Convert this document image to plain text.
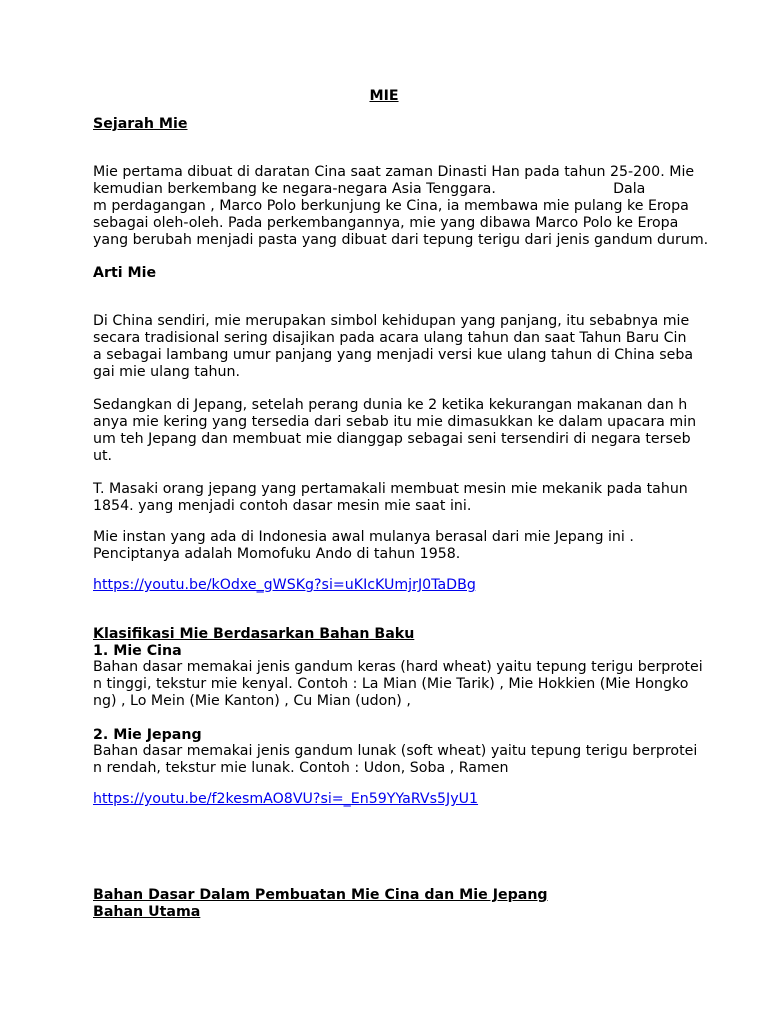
MIE

Sejarah Mie

Mie pertama dibuat di daratan Cina saat zaman Dinasti Han pada tahun 25-200. Mie

kemudian berkembang ke negara-negara Asia Tenggara.                          Dala

m perdagangan , Marco Polo berkunjung ke Cina, ia membawa mie pulang ke Eropa

sebagai oleh-oleh. Pada perkembangannya, mie yang dibawa Marco Polo ke Eropa

yang berubah menjadi pasta yang dibuat dari tepung terigu dari jenis gandum durum.

Arti Mie

Di China sendiri, mie merupakan simbol kehidupan yang panjang, itu sebabnya mie

secara tradisional sering disajikan pada acara ulang tahun dan saat Tahun Baru Cin

a sebagai lambang umur panjang yang menjadi versi kue ulang tahun di China seba

gai mie ulang tahun.

Sedangkan di Jepang, setelah perang dunia ke 2 ketika kekurangan makanan dan h

anya mie kering yang tersedia dari sebab itu mie dimasukkan ke dalam upacara min

um teh Jepang dan membuat mie dianggap sebagai seni tersendiri di negara terseb

ut.

T. Masaki orang jepang yang pertamakali membuat mesin mie mekanik pada tahun

1854. yang menjadi contoh dasar mesin mie saat ini.

Mie instan yang ada di Indonesia awal mulanya berasal dari mie Jepang ini .

Penciptanya adalah Momofuku Ando di tahun 1958.

https://youtu.be/kOdxe_gWSKg?si=uKIcKUmjrJ0TaDBg

Klasifikasi Mie Berdasarkan Bahan Baku

1. Mie Cina

Bahan dasar memakai jenis gandum keras (hard wheat) yaitu tepung terigu berprotei

n tinggi, tekstur mie kenyal. Contoh : La Mian (Mie Tarik) , Mie Hokkien (Mie Hongko

ng) , Lo Mein (Mie Kanton) , Cu Mian (udon) ,

2. Mie Jepang

Bahan dasar memakai jenis gandum lunak (soft wheat) yaitu tepung terigu berprotei

n rendah, tekstur mie lunak. Contoh : Udon, Soba , Ramen

https://youtu.be/f2kesmAO8VU?si=_En59YYaRVs5JyU1

Bahan Dasar Dalam Pembuatan Mie Cina dan Mie Jepang

Bahan Utama
